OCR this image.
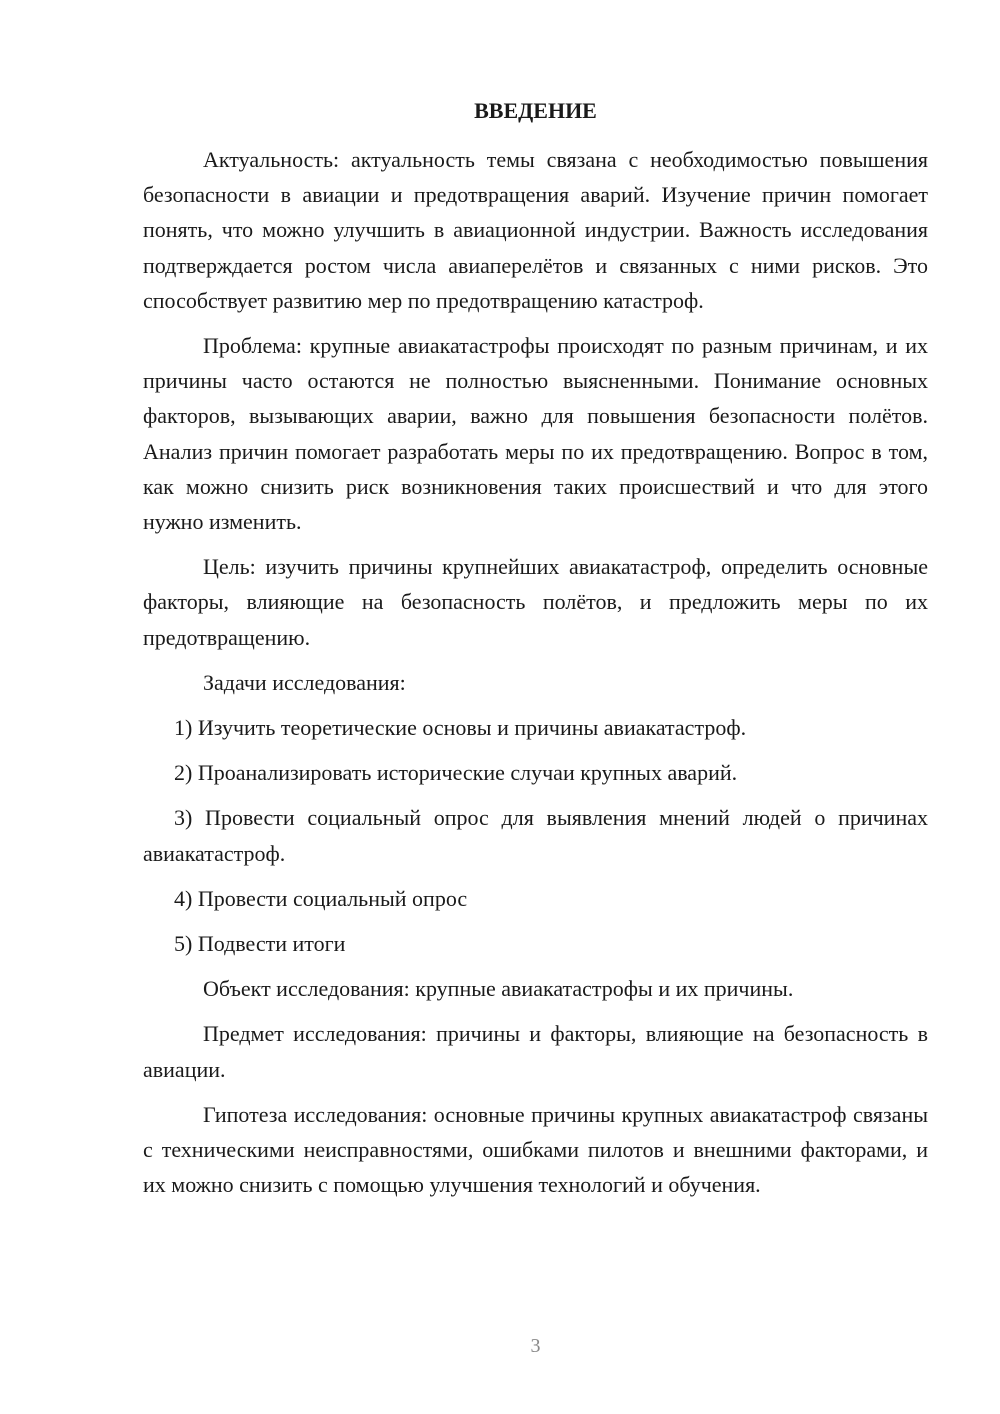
ВВЕДЕНИЕ

Актуальность: актуальность темы связана с необходимостью повышения безопасности в авиации и предотвращения аварий. Изучение причин помогает понять, что можно улучшить в авиационной индустрии. Важность исследования подтверждается ростом числа авиаперелётов и связанных с ними рисков. Это способствует развитию мер по предотвращению катастроф.

Проблема: крупные авиакатастрофы происходят по разным причинам, и их причины часто остаются не полностью выясненными. Понимание основных факторов, вызывающих аварии, важно для повышения безопасности полётов. Анализ причин помогает разработать меры по их предотвращению. Вопрос в том, как можно снизить риск возникновения таких происшествий и что для этого нужно изменить.

Цель: изучить причины крупнейших авиакатастроф, определить основные факторы, влияющие на безопасность полётов, и предложить меры по их предотвращению.

Задачи исследования:

1) Изучить теоретические основы и причины авиакатастроф.

2) Проанализировать исторические случаи крупных аварий.

3) Провести социальный опрос для выявления мнений людей о причинах авиакатастроф.

4) Провести социальный опрос

5) Подвести итоги

Объект исследования: крупные авиакатастрофы и их причины.

Предмет исследования: причины и факторы, влияющие на безопасность в авиации.

Гипотеза исследования: основные причины крупных авиакатастроф связаны с техническими неисправностями, ошибками пилотов и внешними факторами, и их можно снизить с помощью улучшения технологий и обучения.

3
